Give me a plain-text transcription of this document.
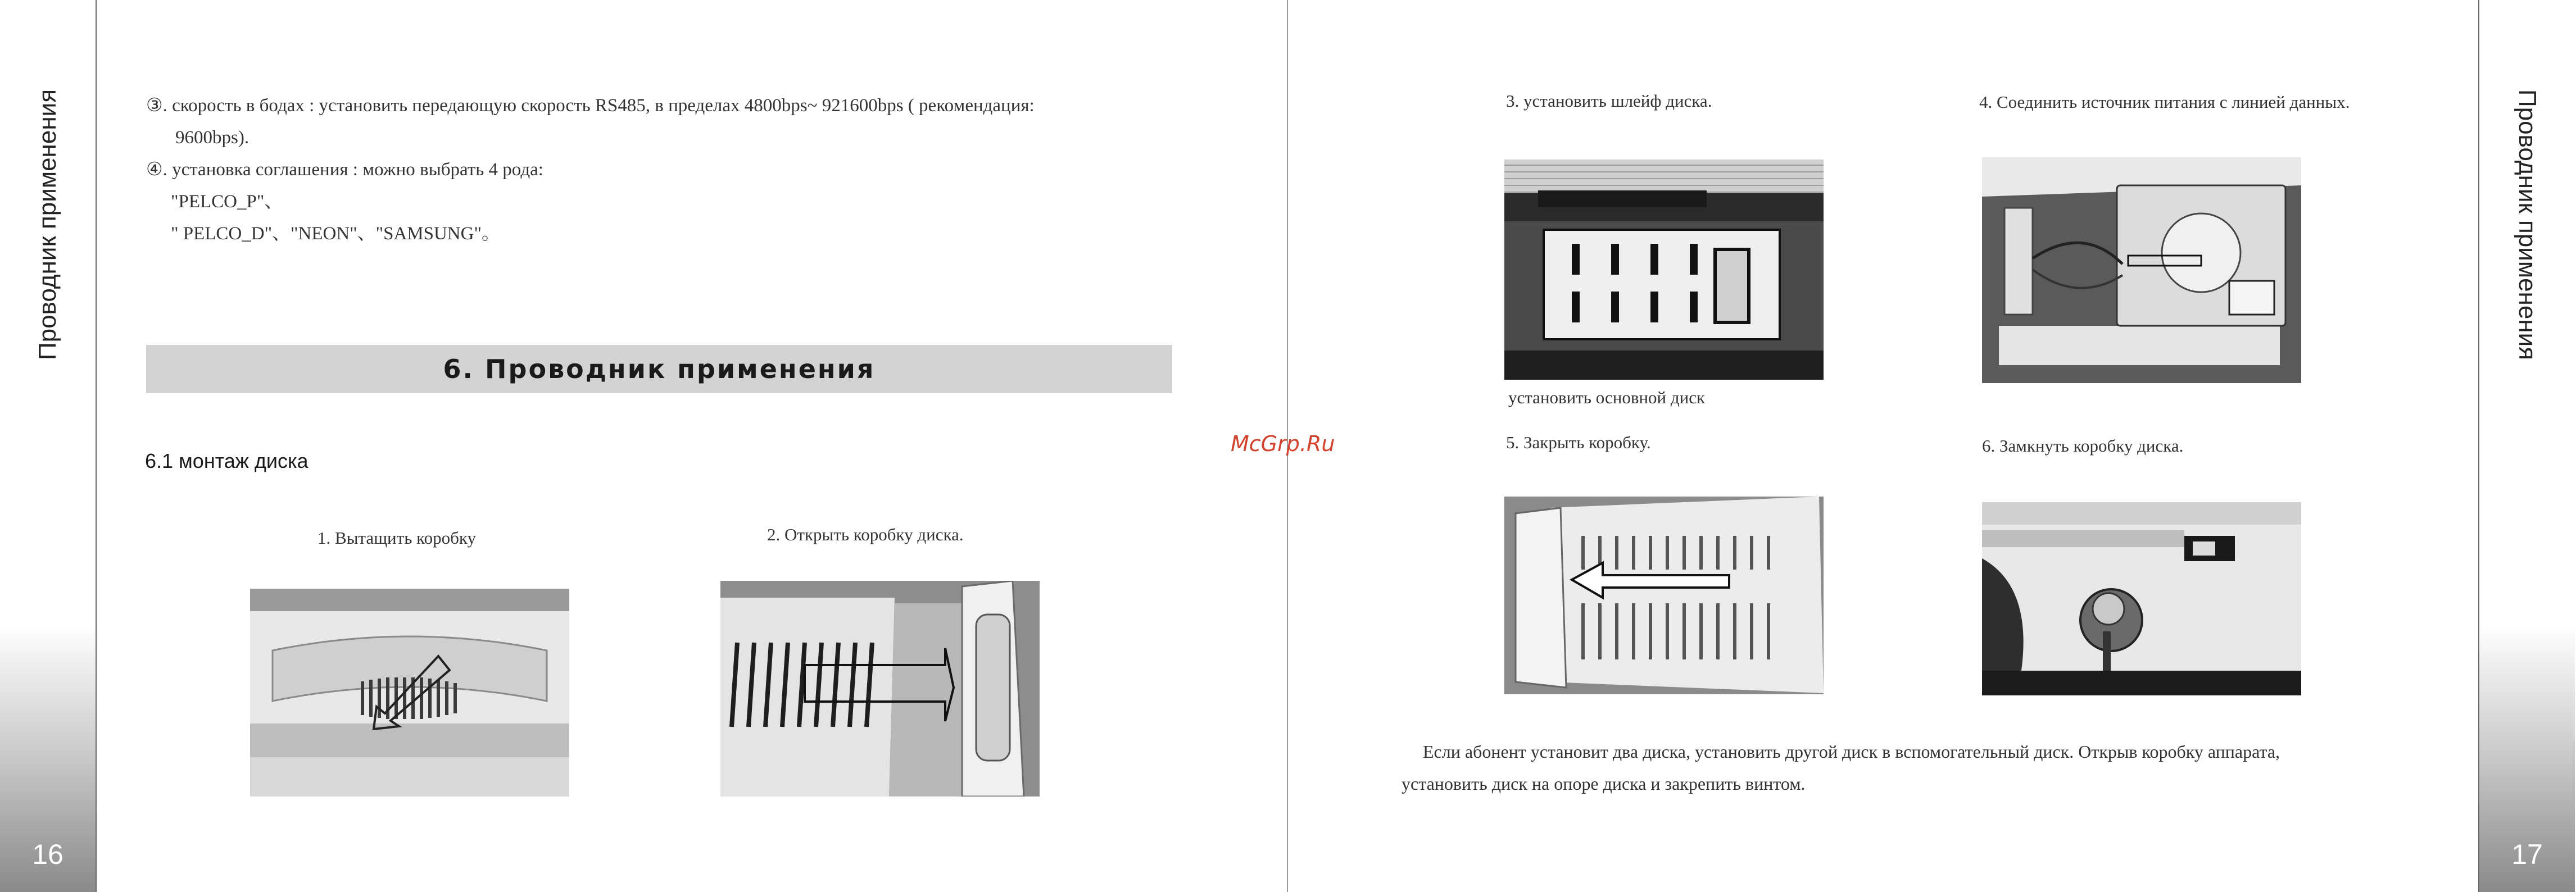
Проводник применения
16
Проводник применения
17
③. скорость в бодах : установить передающую скорость RS485, в пределах 4800bps~ 921600bps ( рекомендация:
9600bps).
④. установка соглашения : можно выбрать 4 рода:
"PELCO_P"、
" PELCO_D"、"NEON"、"SAMSUNG"。
6. Проводник применения
6.1 монтаж диска
1. Вытащить коробку	2. Открыть коробку диска.
McGrp.Ru
3. установить шлейф диска.	4. Соединить источник питания с линией данных.
установить основной диск
5. Закрыть коробку.	6. Замкнуть коробку диска.
Если абонент установит два диска, установить другой диск в вспомогательный диск. Открыв коробку аппарата,
установить диск на опоре диска и закрепить винтом.
